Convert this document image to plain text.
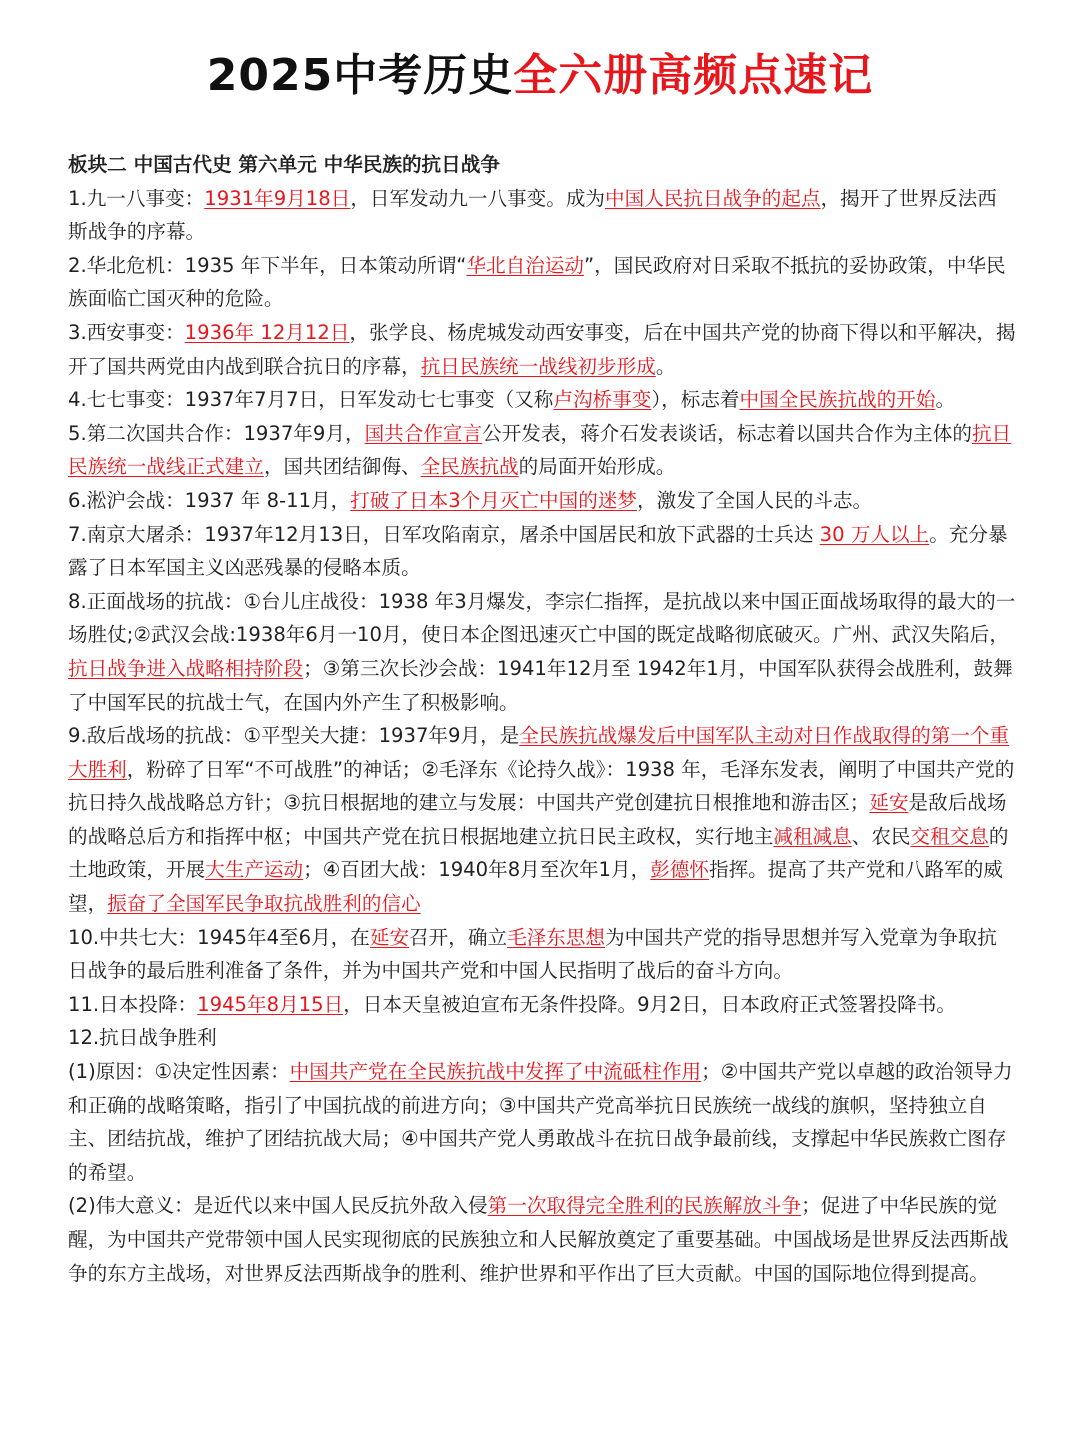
2025中考历史全六册高频点速记

板块二 中国古代史 第六单元 中华民族的抗日战争

1.九一八事变：1931年9月18日，日军发动九一八事变。成为中国人民抗日战争的起点，揭开了世界反法西斯战争的序幕。

2.华北危机：1935 年下半年，日本策动所谓“华北自治运动”，国民政府对日采取不抵抗的妥协政策，中华民族面临亡国灭种的危险。

3.西安事变：1936年 12月12日，张学良、杨虎城发动西安事变，后在中国共产党的协商下得以和平解决，揭开了国共两党由内战到联合抗日的序幕，抗日民族统一战线初步形成。

4.七七事变：1937年7月7日，日军发动七七事变（又称卢沟桥事变），标志着中国全民族抗战的开始。

5.第二次国共合作：1937年9月，国共合作宣言公开发表，蒋介石发表谈话，标志着以国共合作为主体的抗日民族统一战线正式建立，国共团结御侮、全民族抗战的局面开始形成。

6.淞沪会战：1937 年 8-11月，打破了日本3个月灭亡中国的迷梦，激发了全国人民的斗志。

7.南京大屠杀：1937年12月13日，日军攻陷南京，屠杀中国居民和放下武器的士兵达 30 万人以上。充分暴露了日本军国主义凶恶残暴的侵略本质。

8.正面战场的抗战：①台儿庄战役：1938 年3月爆发，李宗仁指挥，是抗战以来中国正面战场取得的最大的一场胜仗;②武汉会战:1938年6月一10月，使日本企图迅速灭亡中国的既定战略彻底破灭。广州、武汉失陷后，抗日战争进入战略相持阶段；③第三次长沙会战：1941年12月至 1942年1月，中国军队获得会战胜利，鼓舞了中国军民的抗战士气，在国内外产生了积极影响。

9.敌后战场的抗战：①平型关大捷：1937年9月，是全民族抗战爆发后中国军队主动对日作战取得的第一个重大胜利，粉碎了日军“不可战胜”的神话；②毛泽东《论持久战》：1938 年，毛泽东发表，阐明了中国共产党的抗日持久战战略总方针；③抗日根据地的建立与发展：中国共产党创建抗日根推地和游击区；延安是敌后战场的战略总后方和指挥中枢；中国共产党在抗日根据地建立抗日民主政权，实行地主减租减息、农民交租交息的土地政策，开展大生产运动；④百团大战：1940年8月至次年1月，彭德怀指挥。提高了共产党和八路军的威望，振奋了全国军民争取抗战胜利的信心

10.中共七大：1945年4至6月，在延安召开，确立毛泽东思想为中国共产党的指导思想并写入党章为争取抗日战争的最后胜利准备了条件，并为中国共产党和中国人民指明了战后的奋斗方向。

11.日本投降：1945年8月15日，日本天皇被迫宣布无条件投降。9月2日，日本政府正式签署投降书。

12.抗日战争胜利

(1)原因：①决定性因素：中国共产党在全民族抗战中发挥了中流砥柱作用；②中国共产党以卓越的政治领导力和正确的战略策略，指引了中国抗战的前进方向；③中国共产党高举抗日民族统一战线的旗帜，坚持独立自主、团结抗战，维护了团结抗战大局；④中国共产党人勇敢战斗在抗日战争最前线，支撑起中华民族救亡图存的希望。

(2)伟大意义：是近代以来中国人民反抗外敌入侵第一次取得完全胜利的民族解放斗争；促进了中华民族的觉醒，为中国共产党带领中国人民实现彻底的民族独立和人民解放奠定了重要基础。中国战场是世界反法西斯战争的东方主战场，对世界反法西斯战争的胜利、维护世界和平作出了巨大贡献。中国的国际地位得到提高。
